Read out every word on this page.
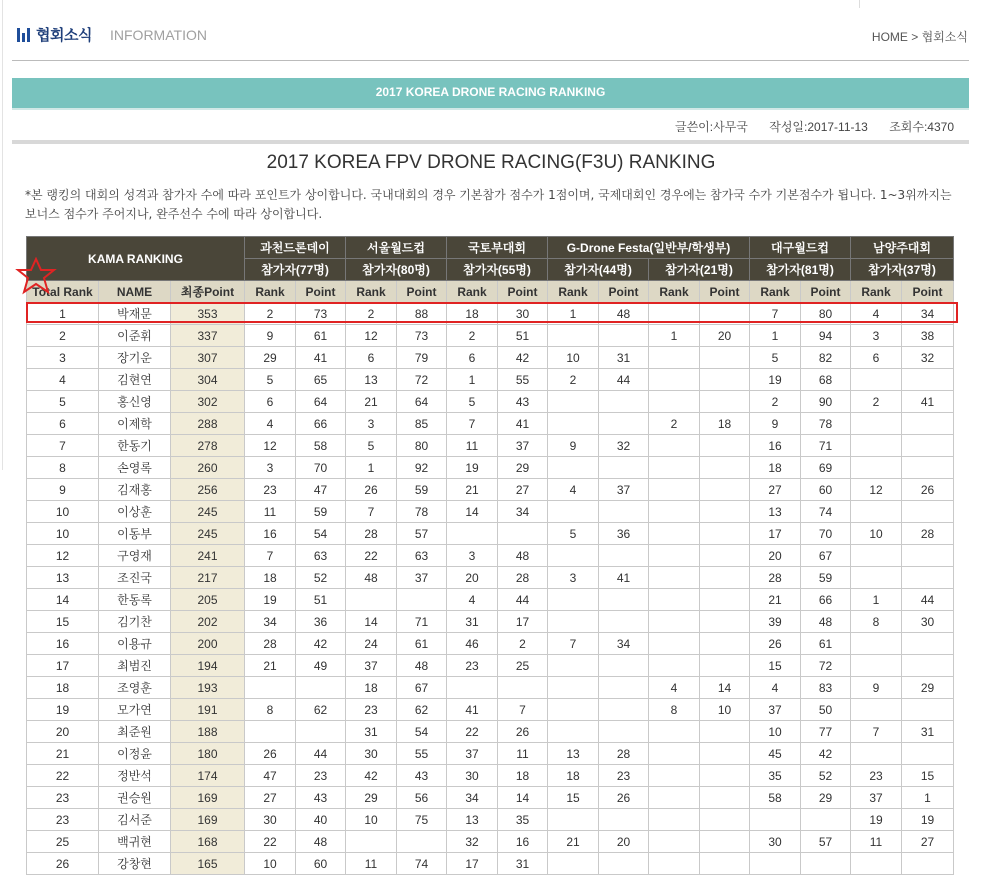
협회소식 INFORMATION	HOME > 협회소식
2017 KOREA DRONE RACING RANKING
글쓴이:사무국 작성일:2017-11-13 조회수:4370
2017 KOREA FPV DRONE RACING(F3U) RANKING
*본 랭킹의 대회의 성격과 참가자 수에 따라 포인트가 상이합니다. 국내대회의 경우 기본참가 점수가 1점이며, 국제대회인 경우에는 참가국 수가 기본점수가 됩니다. 1~3위까지는 보너스 점수가 주어지나, 완주선수 수에 따라 상이합니다.
KAMA RANKING			과천드론데이		서울월드컵		국토부대회		G-Drone Festa(일반부/학생부)				대구월드컵		남양주대회	
			참가자(77명)		참가자(80명)		참가자(55명)		참가자(44명)		참가자(21명)		참가자(81명)		참가자(37명)	
Total Rank	NAME	최종Point	Rank	Point	Rank	Point	Rank	Point	Rank	Point	Rank	Point	Rank	Point	Rank	Point
1	박재문	353	2	73	2	88	18	30	1	48			7	80	4	34
2	이준휘	337	9	61	12	73	2	51			1	20	1	94	3	38
3	장기운	307	29	41	6	79	6	42	10	31			5	82	6	32
4	김현연	304	5	65	13	72	1	55	2	44			19	68		
5	홍신영	302	6	64	21	64	5	43					2	90	2	41
6	이제학	288	4	66	3	85	7	41			2	18	9	78		
7	한동기	278	12	58	5	80	11	37	9	32			16	71		
8	손영록	260	3	70	1	92	19	29					18	69		
9	김재홍	256	23	47	26	59	21	27	4	37			27	60	12	26
10	이상훈	245	11	59	7	78	14	34					13	74		
10	이동부	245	16	54	28	57			5	36			17	70	10	28
12	구영재	241	7	63	22	63	3	48					20	67		
13	조진국	217	18	52	48	37	20	28	3	41			28	59		
14	한동록	205	19	51			4	44					21	66	1	44
15	김기찬	202	34	36	14	71	31	17					39	48	8	30
16	이용규	200	28	42	24	61	46	2	7	34			26	61		
17	최범진	194	21	49	37	48	23	25					15	72		
18	조영훈	193			18	67					4	14	4	83	9	29
19	모가연	191	8	62	23	62	41	7			8	10	37	50		
20	최준원	188			31	54	22	26					10	77	7	31
21	이정윤	180	26	44	30	55	37	11	13	28			45	42		
22	정반석	174	47	23	42	43	30	18	18	23			35	52	23	15
23	권승원	169	27	43	29	56	34	14	15	26			58	29	37	1
23	김서준	169	30	40	10	75	13	35							19	19
25	백귀현	168	22	48			32	16	21	20			30	57	11	27
26	강창현	165	10	60	11	74	17	31								
